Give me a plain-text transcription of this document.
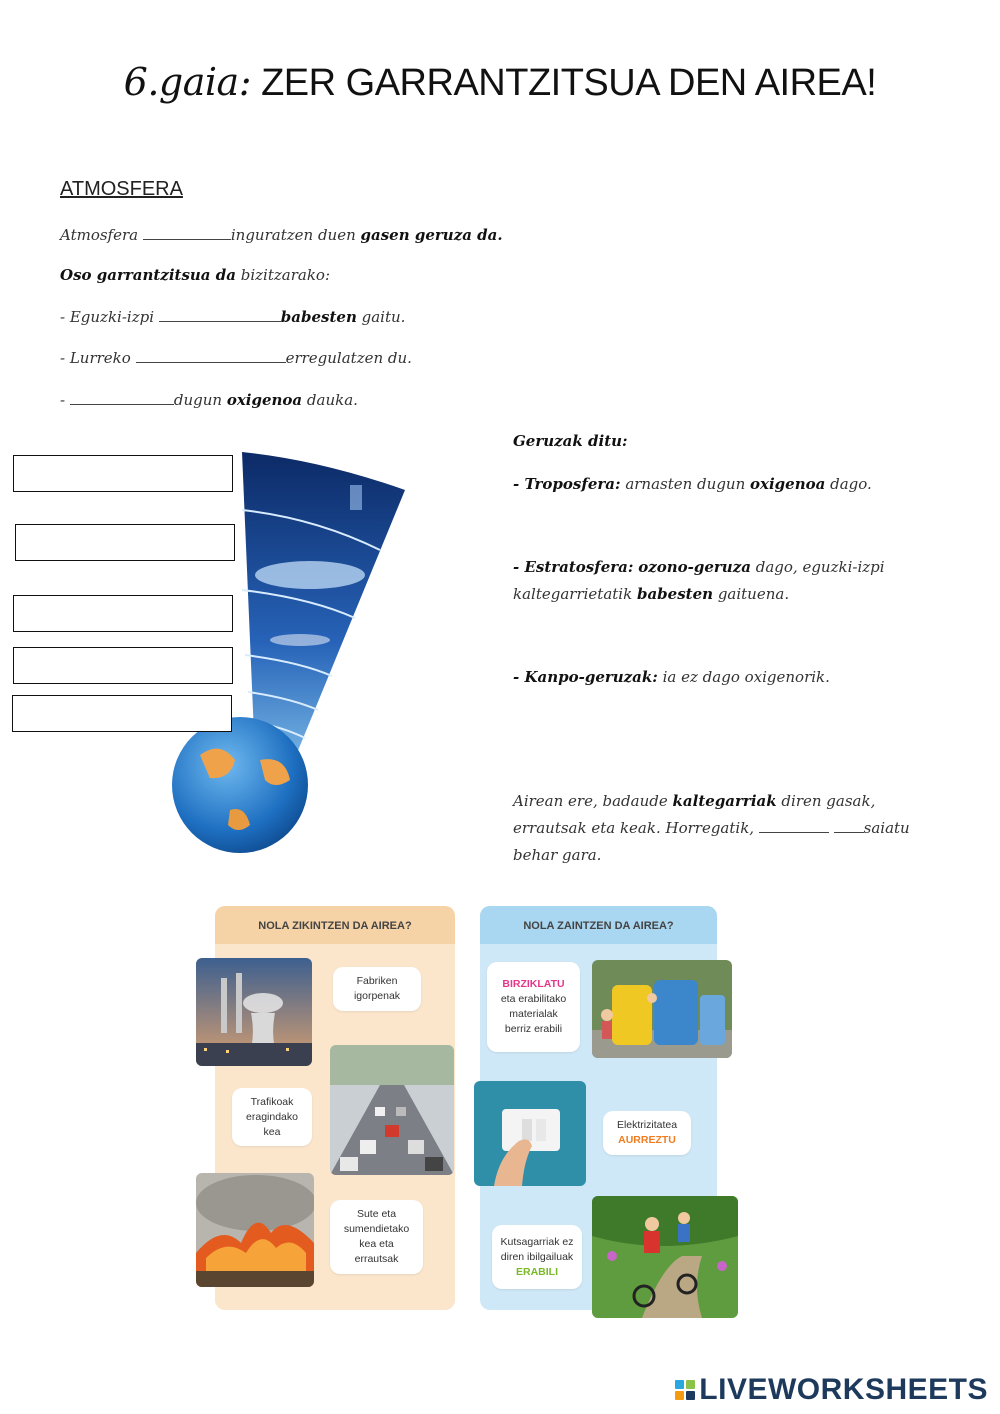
6.gaia: ZER GARRANTZITSUA DEN AIREA!
ATMOSFERA
Atmosfera	inguratzen duen gasen geruza da.
Oso garrantzitsua da bizitzarako:
- Eguzki-izpi	babesten gaitu.
- Lurreko	erregulatzen du.
-	dugun oxigenoa dauka.
Geruzak ditu:
- Troposfera: arnasten dugun oxigenoa dago.
- Estratosfera: ozono-geruza dago, eguzki-izpi kaltegarrietatik babesten gaituena.
- Kanpo-geruzak: ia ez dago oxigenorik.
Airean ere, badaude kaltegarriak diren gasak, errautsak eta keak. Horregatik,	saiatu behar gara.
NOLA ZIKINTZEN DA AIREA?
Fabriken
igorpenak
Trafikoak
eragindako
kea
Sute eta
sumendietako
kea eta
errautsak
NOLA ZAINTZEN DA AIREA?
BIRZIKLATU
eta erabilitako
materialak
berriz erabili
Elektrizitatea
AURREZTU
Kutsagarriak ez
diren ibilgailuak
ERABILI
LIVEWORKSHEETS
